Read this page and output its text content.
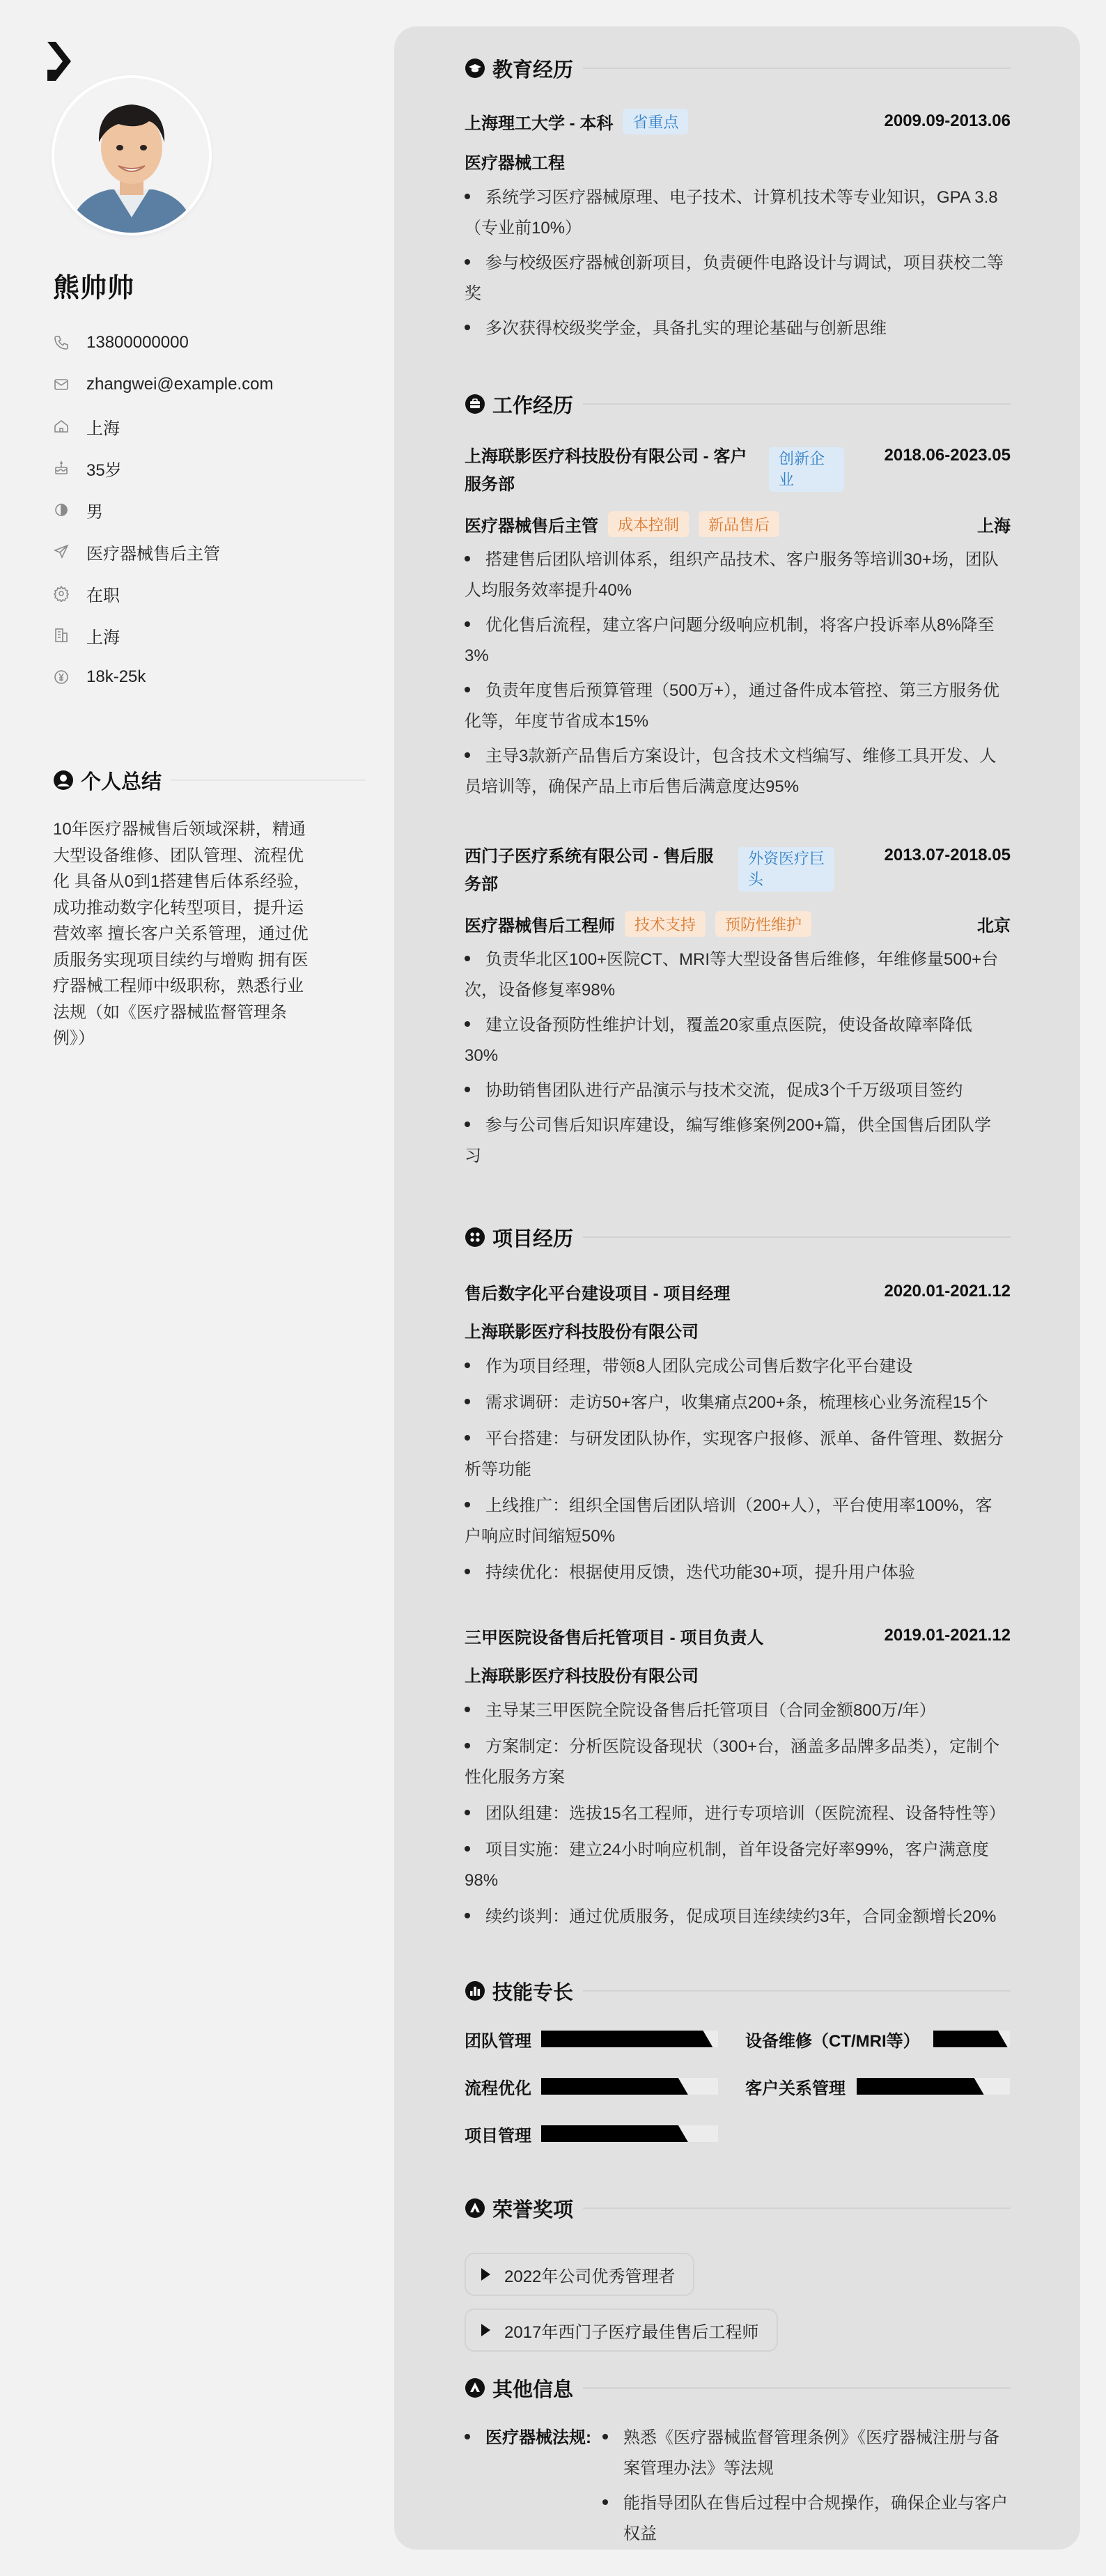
熊帅帅
13800000000
zhangwei@example.com
上海
35岁
男
医疗器械售后主管
在职
上海
18k-25k
个人总结
10年医疗器械售后领域深耕，精通
大型设备维修、团队管理、流程优
化 具备从0到1搭建售后体系经验，
成功推动数字化转型项目，提升运
营效率 擅长客户关系管理，通过优
质服务实现项目续约与增购 拥有医
疗器械工程师中级职称，熟悉行业
法规（如《医疗器械监督管理条
例》）
教育经历
上海理工大学 - 本科	省重点	2009.09-2013.06
医疗器械工程
系统学习医疗器械原理、电子技术、计算机技术等专业知识，GPA 3.8
（专业前10%）
参与校级医疗器械创新项目，负责硬件电路设计与调试，项目获校二等
奖
多次获得校级奖学金，具备扎实的理论基础与创新思维
工作经历
上海联影医疗科技股份有限公司 - 客户
服务部
创新企
业
2018.06-2023.05
医疗器械售后主管	成本控制	新品售后	上海
搭建售后团队培训体系，组织产品技术、客户服务等培训30+场，团队
人均服务效率提升40%
优化售后流程，建立客户问题分级响应机制，将客户投诉率从8%降至
3%
负责年度售后预算管理（500万+），通过备件成本管控、第三方服务优
化等，年度节省成本15%
主导3款新产品售后方案设计，包含技术文档编写、维修工具开发、人
员培训等，确保产品上市后售后满意度达95%
西门子医疗系统有限公司 - 售后服
务部
外资医疗巨
头
2013.07-2018.05
医疗器械售后工程师	技术支持	预防性维护	北京
负责华北区100+医院CT、MRI等大型设备售后维修，年维修量500+台
次，设备修复率98%
建立设备预防性维护计划，覆盖20家重点医院，使设备故障率降低
30%
协助销售团队进行产品演示与技术交流，促成3个千万级项目签约
参与公司售后知识库建设，编写维修案例200+篇，供全国售后团队学
习
项目经历
售后数字化平台建设项目 - 项目经理	2020.01-2021.12
上海联影医疗科技股份有限公司
作为项目经理，带领8人团队完成公司售后数字化平台建设
需求调研：走访50+客户，收集痛点200+条，梳理核心业务流程15个
平台搭建：与研发团队协作，实现客户报修、派单、备件管理、数据分
析等功能
上线推广：组织全国售后团队培训（200+人），平台使用率100%，客
户响应时间缩短50%
持续优化：根据使用反馈，迭代功能30+项，提升用户体验
三甲医院设备售后托管项目 - 项目负责人	2019.01-2021.12
上海联影医疗科技股份有限公司
主导某三甲医院全院设备售后托管项目（合同金额800万/年）
方案制定：分析医院设备现状（300+台，涵盖多品牌多品类），定制个
性化服务方案
团队组建：选拔15名工程师，进行专项培训（医院流程、设备特性等）
项目实施：建立24小时响应机制，首年设备完好率99%，客户满意度
98%
续约谈判：通过优质服务，促成项目连续续约3年，合同金额增长20%
技能专长
团队管理	设备维修（CT/MRI等）
流程优化	客户关系管理
项目管理
荣誉奖项
2022年公司优秀管理者
2017年西门子医疗最佳售后工程师
其他信息
医疗器械法规:	熟悉《医疗器械监督管理条例》《医疗器械注册与备
案管理办法》等法规
能指导团队在售后过程中合规操作，确保企业与客户
权益
